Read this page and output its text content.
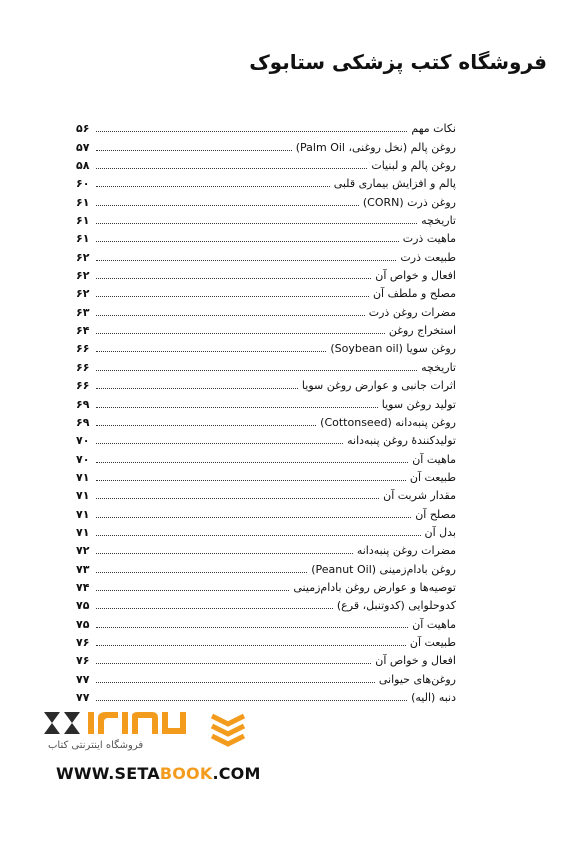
فروشگاه کتب پزشکی ستابوک
نکات مهم
۵۶
روغن پالم (نخل روغنی، Palm Oil)
۵۷
روغن پالم و لبنیات
۵۸
پالم و افزایش بیماری قلبی
۶۰
روغن ذرت (CORN)
۶۱
تاریخچه
۶۱
ماهیت ذرت
۶۱
طبیعت ذرت
۶۲
افعال و خواص آن
۶۲
مصلح و ملطف آن
۶۲
مضرات روغن ذرت
۶۳
استخراج روغن
۶۴
روغن سویا (Soybean oil)
۶۶
تاریخچه
۶۶
اثرات جانبی و عوارض روغن سویا
۶۶
تولید روغن سویا
۶۹
روغن پنبه‌دانه (Cottonseed)
۶۹
تولیدکنندهٔ روغن پنبه‌دانه
۷۰
ماهیت آن
۷۰
طبیعت آن
۷۱
مقدار شربت آن
۷۱
مصلح آن
۷۱
بدل آن
۷۱
مضرات روغن پنبه‌دانه
۷۲
روغن بادام‌زمینی (Peanut Oil)
۷۳
توصیه‌ها و عوارض روغن بادام‌زمینی
۷۴
کدوحلوایی (کدوتنبل، قرع)
۷۵
ماهیت آن
۷۵
طبیعت آن
۷۶
افعال و خواص آن
۷۶
روغن‌های حیوانی
۷۷
دنبه (الیه)
۷۷
فروشگاه اینترنتی کتاب
WWW.SETABOOK.COM
